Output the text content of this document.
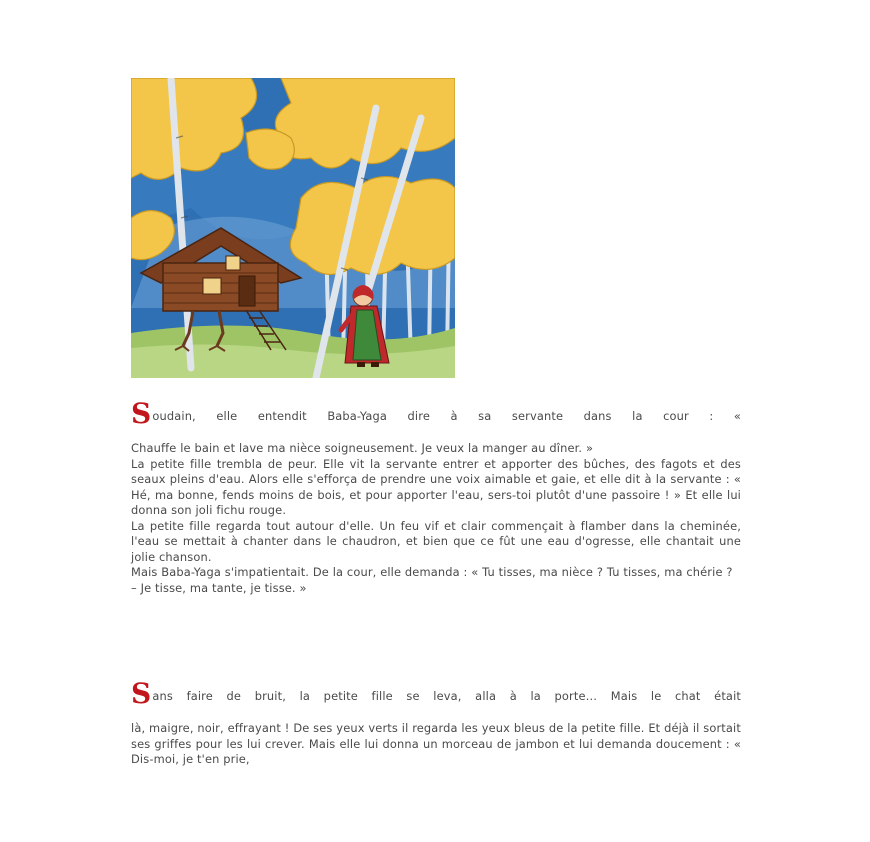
Soudain, elle entendit Baba-Yaga dire à sa servante dans la cour : «

Chauffe le bain et lave ma nièce soigneusement. Je veux la manger au dîner. »

La petite fille trembla de peur. Elle vit la servante entrer et apporter des bûches, des fagots et des seaux pleins d'eau. Alors elle s'efforça de prendre une voix aimable et gaie, et elle dit à la servante : « Hé, ma bonne, fends moins de bois, et pour apporter l'eau, sers-toi plutôt d'une passoire ! » Et elle lui donna son joli fichu rouge.

La petite fille regarda tout autour d'elle. Un feu vif et clair commençait à flamber dans la cheminée, l'eau se mettait à chanter dans le chaudron, et bien que ce fût une eau d'ogresse, elle chantait une jolie chanson.

Mais Baba-Yaga s'impatientait. De la cour, elle demanda : « Tu tisses, ma nièce ? Tu tisses, ma chérie ?

– Je tisse, ma tante, je tisse. »

Sans faire de bruit, la petite fille se leva, alla à la porte… Mais le chat était

là, maigre, noir, effrayant ! De ses yeux verts il regarda les yeux bleus de la petite fille. Et déjà il sortait ses griffes pour les lui crever. Mais elle lui donna un morceau de jambon et lui demanda doucement : « Dis-moi, je t'en prie,
